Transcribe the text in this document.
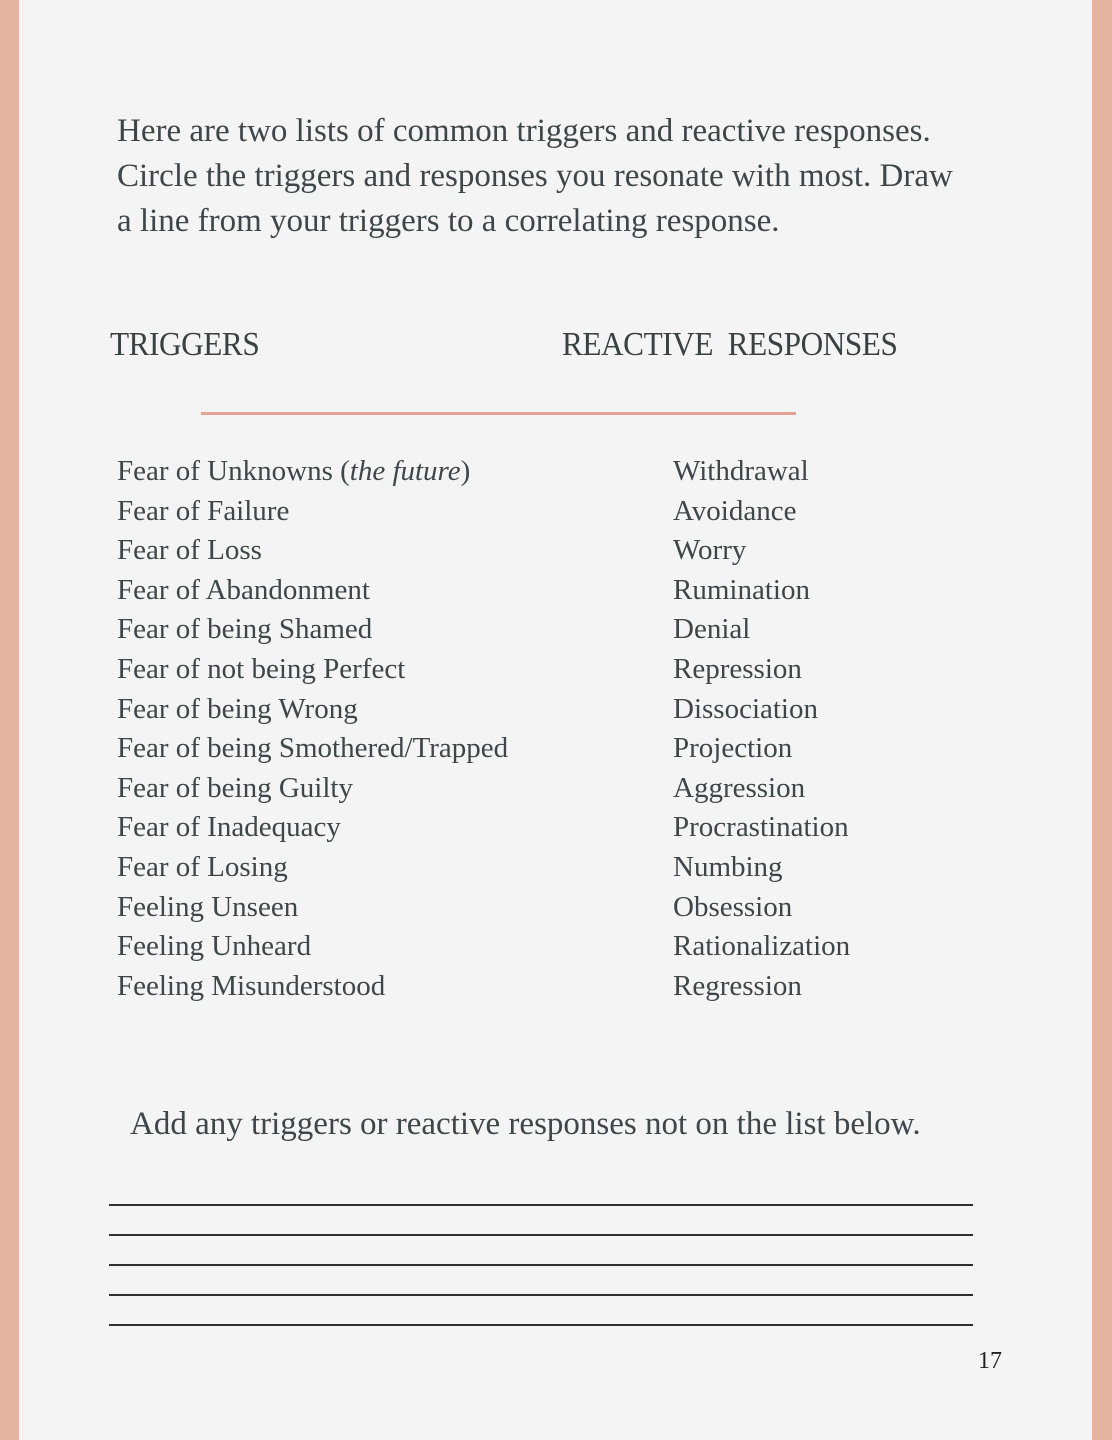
Here are two lists of common triggers and reactive responses.
Circle the triggers and responses you resonate with most. Draw
a line from your triggers to a correlating response.
TRIGGERS	REACTIVE  RESPONSES
Fear of Unknowns (the future)
Fear of Failure
Fear of Loss
Fear of Abandonment
Fear of being Shamed
Fear of not being Perfect
Fear of being Wrong
Fear of being Smothered/Trapped
Fear of being Guilty
Fear of Inadequacy
Fear of Losing
Feeling Unseen
Feeling Unheard
Feeling Misunderstood
Withdrawal
Avoidance
Worry
Rumination
Denial
Repression
Dissociation
Projection
Aggression
Procrastination
Numbing
Obsession
Rationalization
Regression
Add any triggers or reactive responses not on the list below.
17
